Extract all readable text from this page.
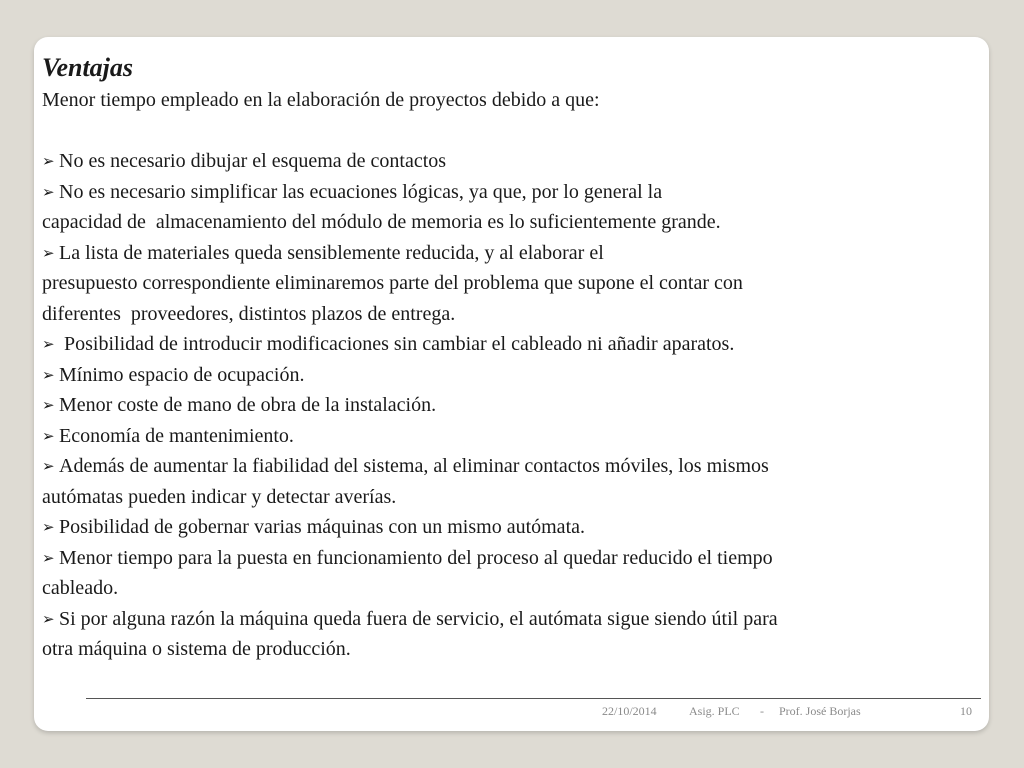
Ventajas

Menor tiempo empleado en la elaboración de proyectos debido a que:

➢ No es necesario dibujar el esquema de contactos

➢ No es necesario simplificar las ecuaciones lógicas, ya que, por lo general la

capacidad de  almacenamiento del módulo de memoria es lo suficientemente grande.

➢ La lista de materiales queda sensiblemente reducida, y al elaborar el

presupuesto correspondiente eliminaremos parte del problema que supone el contar con

diferentes  proveedores, distintos plazos de entrega.

➢ Posibilidad de introducir modificaciones sin cambiar el cableado ni añadir aparatos.

➢ Mínimo espacio de ocupación.

➢ Menor coste de mano de obra de la instalación.

➢ Economía de mantenimiento.

➢ Además de aumentar la fiabilidad del sistema, al eliminar contactos móviles, los mismos

autómatas pueden indicar y detectar averías.

➢ Posibilidad de gobernar varias máquinas con un mismo autómata.

➢ Menor tiempo para la puesta en funcionamiento del proceso al quedar reducido el tiempo

cableado.

➢ Si por alguna razón la máquina queda fuera de servicio, el autómata sigue siendo útil para

otra máquina o sistema de producción.

22/10/2014	Asig. PLC - Prof. José Borjas	10
